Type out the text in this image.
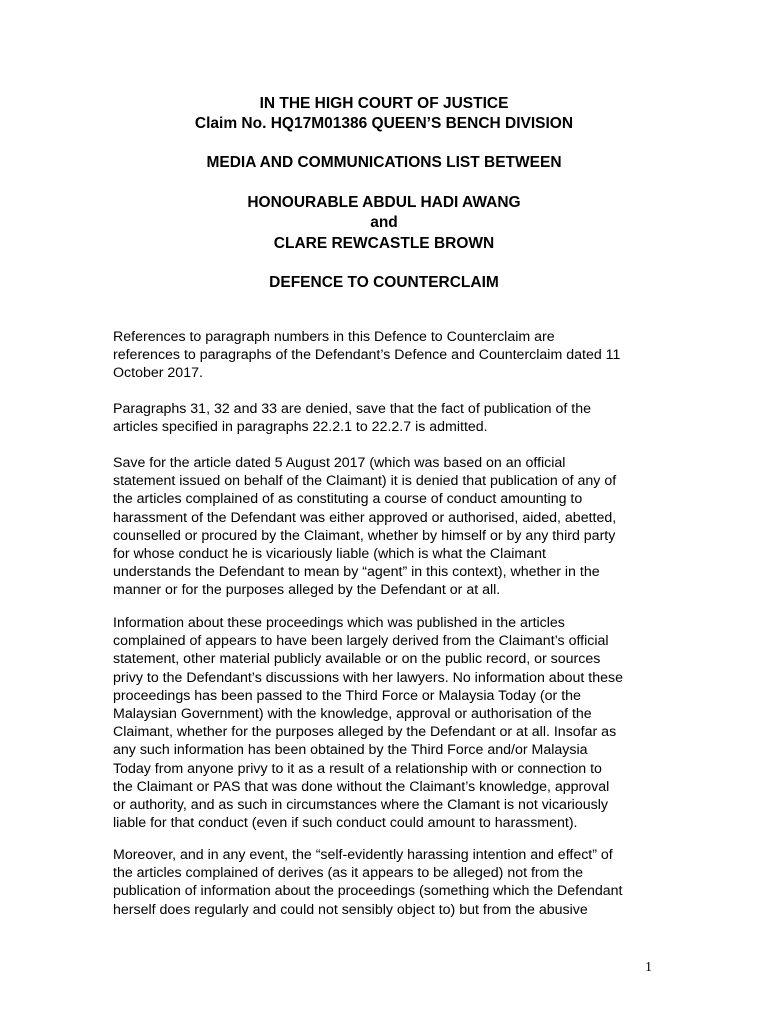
IN THE HIGH COURT OF JUSTICE
Claim No. HQ17M01386 QUEEN’S BENCH DIVISION
MEDIA AND COMMUNICATIONS LIST BETWEEN
HONOURABLE ABDUL HADI AWANG
and
CLARE REWCASTLE BROWN
DEFENCE TO COUNTERCLAIM
References to paragraph numbers in this Defence to Counterclaim are
references to paragraphs of the Defendant’s Defence and Counterclaim dated 11
October 2017.
Paragraphs 31, 32 and 33 are denied, save that the fact of publication of the
articles specified in paragraphs 22.2.1 to 22.2.7 is admitted.
Save for the article dated 5 August 2017 (which was based on an official
statement issued on behalf of the Claimant) it is denied that publication of any of
the articles complained of as constituting a course of conduct amounting to
harassment of the Defendant was either approved or authorised, aided, abetted,
counselled or procured by the Claimant, whether by himself or by any third party
for whose conduct he is vicariously liable (which is what the Claimant
understands the Defendant to mean by “agent” in this context), whether in the
manner or for the purposes alleged by the Defendant or at all.
Information about these proceedings which was published in the articles
complained of appears to have been largely derived from the Claimant’s official
statement, other material publicly available or on the public record, or sources
privy to the Defendant’s discussions with her lawyers. No information about these
proceedings has been passed to the Third Force or Malaysia Today (or the
Malaysian Government) with the knowledge, approval or authorisation of the
Claimant, whether for the purposes alleged by the Defendant or at all. Insofar as
any such information has been obtained by the Third Force and/or Malaysia
Today from anyone privy to it as a result of a relationship with or connection to
the Claimant or PAS that was done without the Claimant’s knowledge, approval
or authority, and as such in circumstances where the Clamant is not vicariously
liable for that conduct (even if such conduct could amount to harassment).
Moreover, and in any event, the “self-evidently harassing intention and effect” of
the articles complained of derives (as it appears to be alleged) not from the
publication of information about the proceedings (something which the Defendant
herself does regularly and could not sensibly object to) but from the abusive
1
